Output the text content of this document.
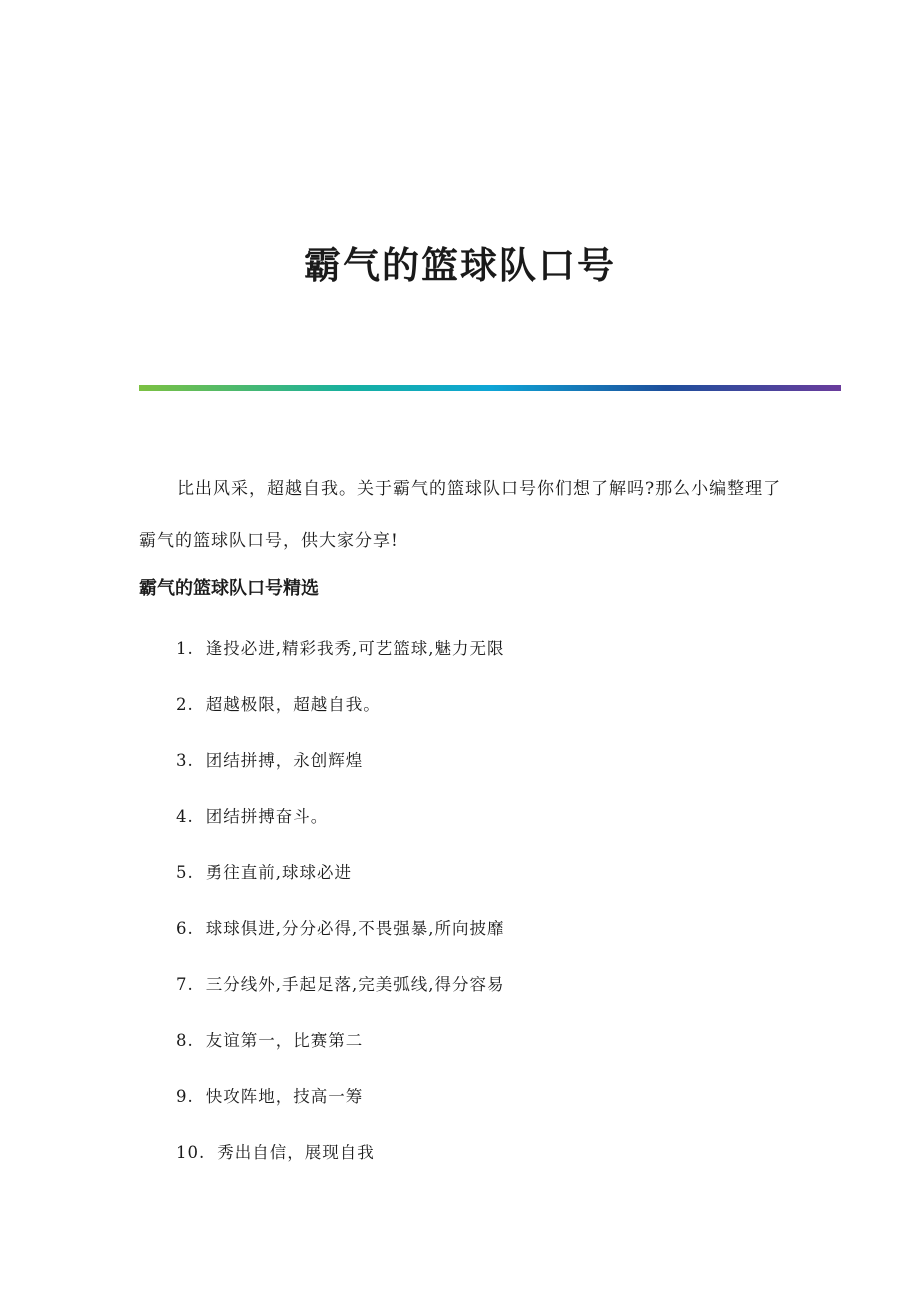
霸气的篮球队口号

比出风采，超越自我。关于霸气的篮球队口号你们想了解吗?那么小编整理了霸气的篮球队口号，供大家分享!

霸气的篮球队口号精选
1. 逢投必进,精彩我秀,可艺篮球,魅力无限
2. 超越极限，超越自我。
3. 团结拼搏，永创辉煌
4. 团结拼搏奋斗。
5. 勇往直前,球球必进
6. 球球俱进,分分必得,不畏强暴,所向披靡
7. 三分线外,手起足落,完美弧线,得分容易
8. 友谊第一，比赛第二
9. 快攻阵地，技高一筹
10. 秀出自信，展现自我
